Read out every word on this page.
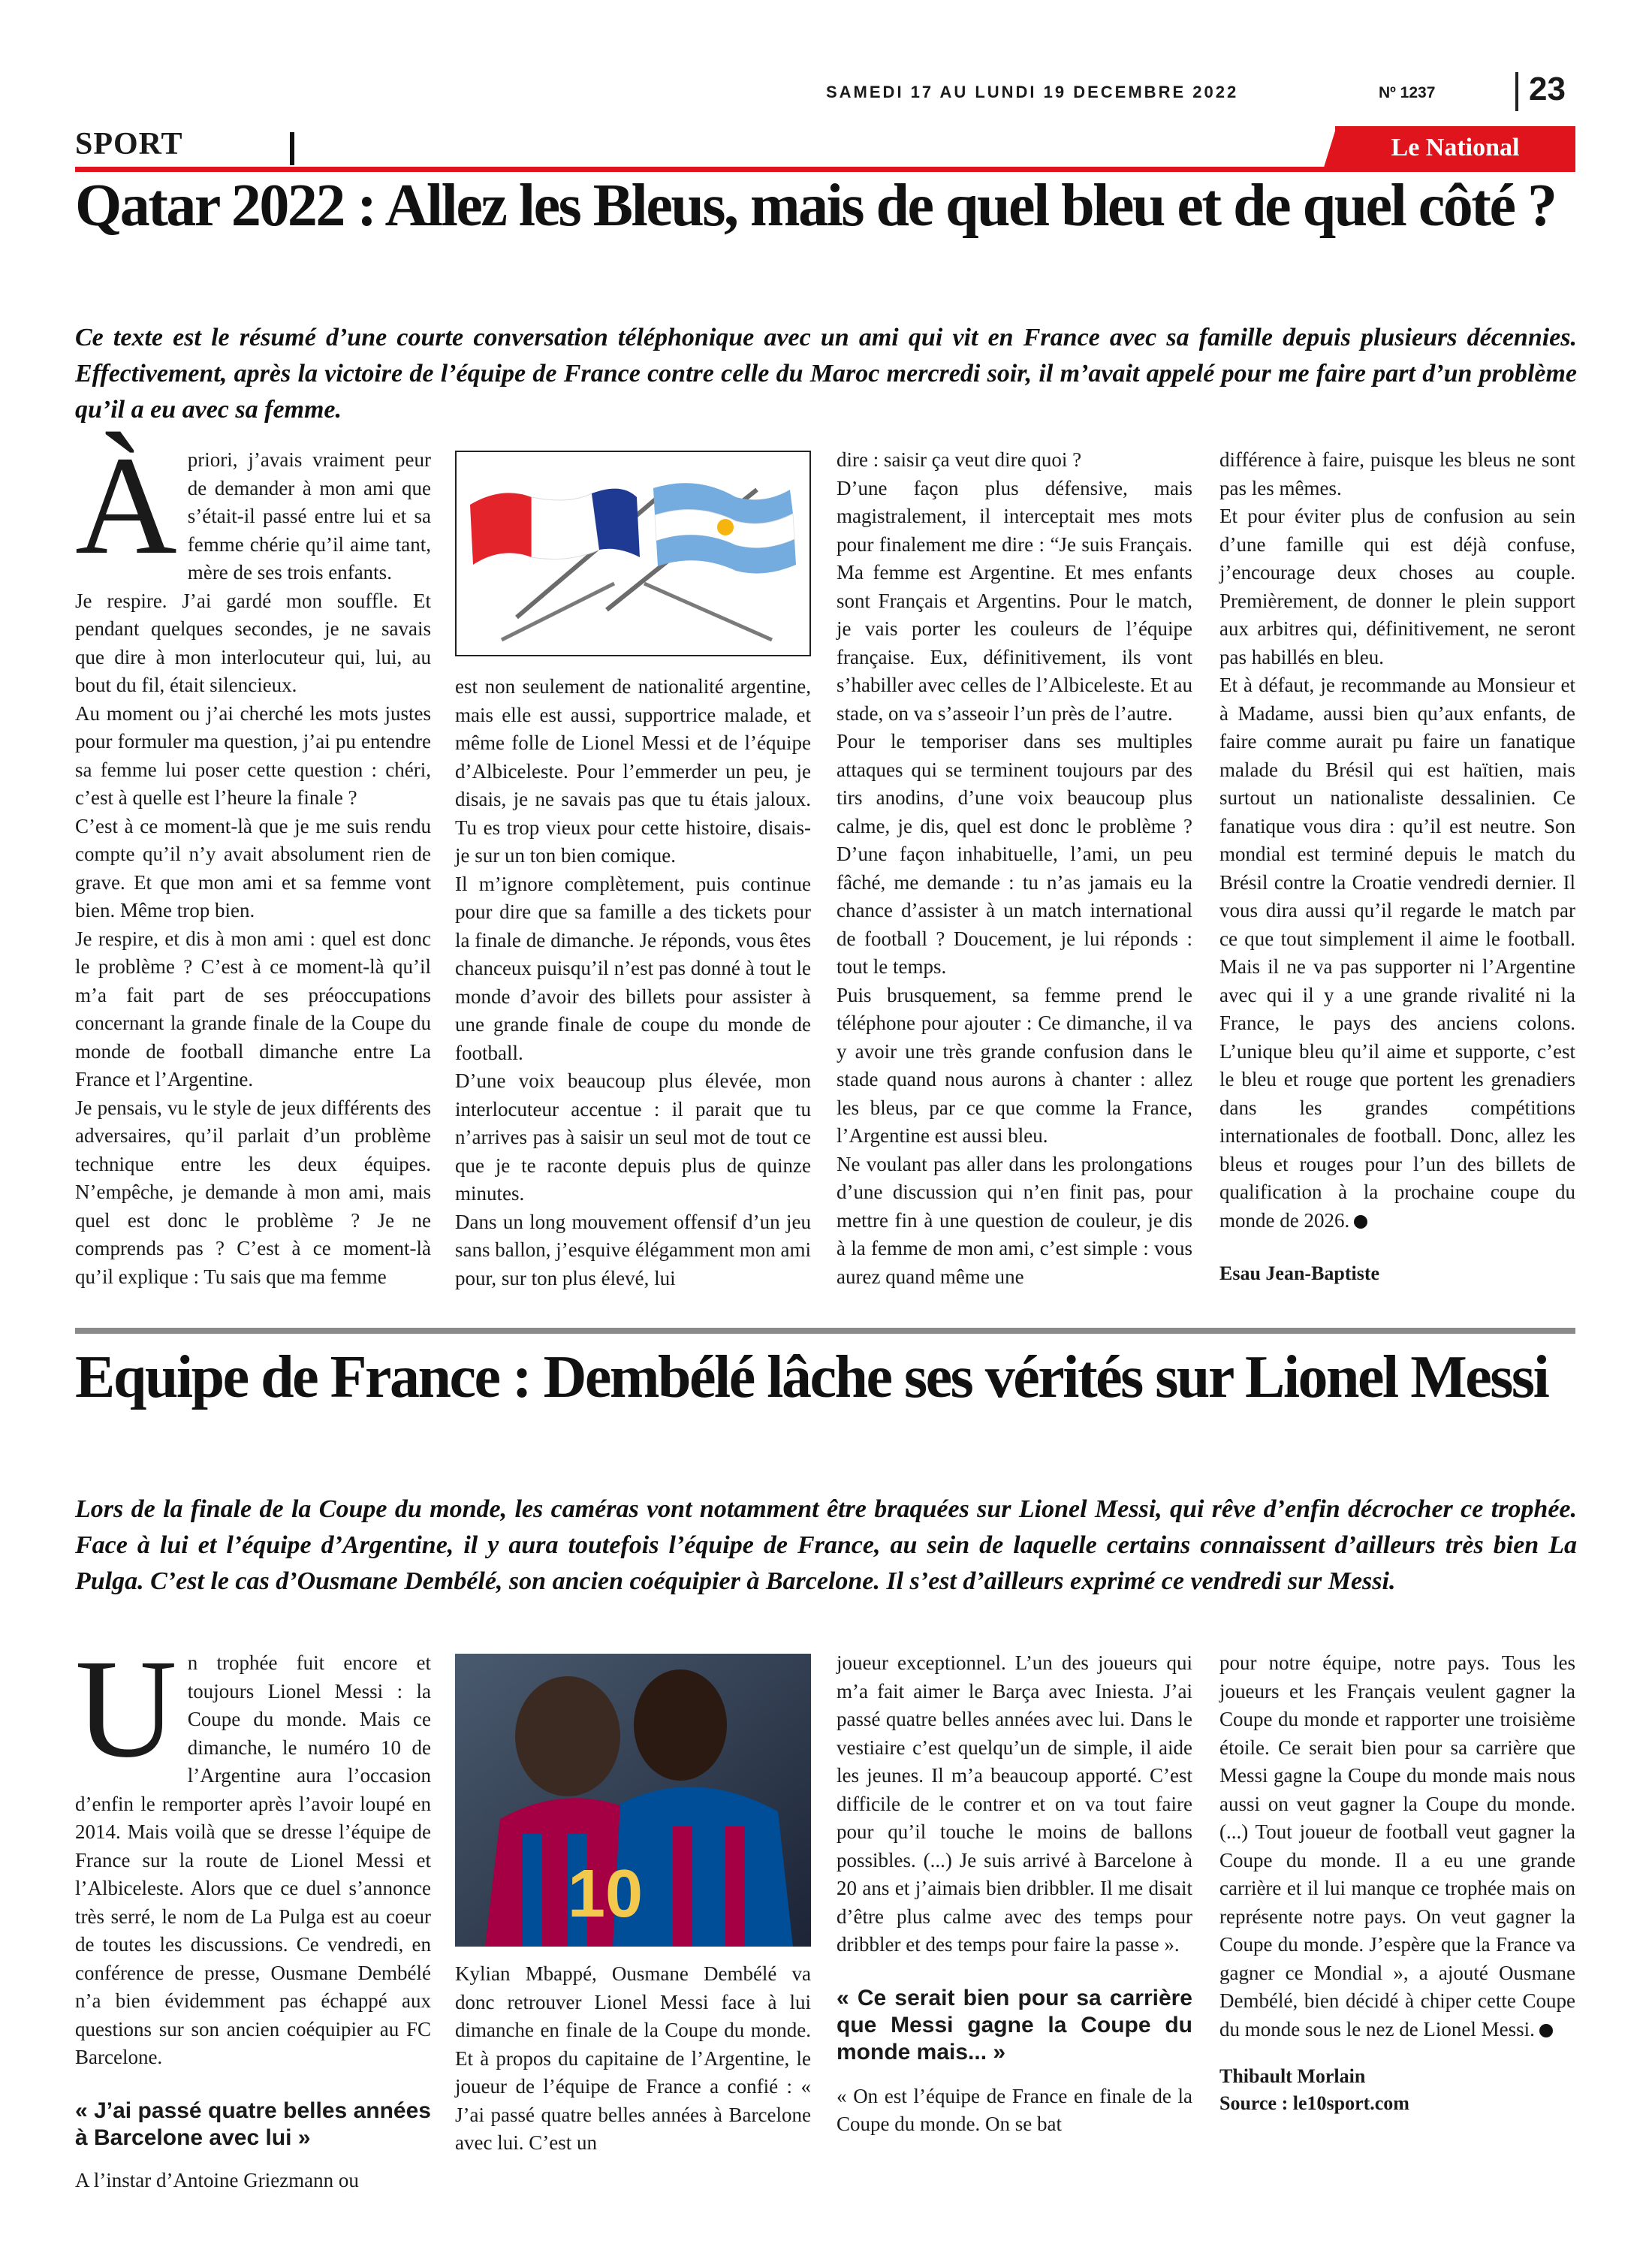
SAMEDI 17 AU LUNDI 19 DECEMBRE 2022	Nº 1237	23
SPORT	Le National
Qatar 2022 : Allez les Bleus, mais de quel bleu et de quel côté ?
Ce texte est le résumé d’une courte conversation téléphonique avec un ami qui vit en France avec sa famille depuis plusieurs décennies. Effectivement, après la victoire de l’équipe de France contre celle du Maroc mercredi soir, il m’avait appelé pour me faire part d’un problème qu’il a eu avec sa femme.
À priori, j’avais vraiment peur de demander à mon ami que s’était-il passé entre lui et sa femme chérie qu’il aime tant, mère de ses trois enfants.

Je respire. J’ai gardé mon souffle. Et pendant quelques secondes, je ne savais que dire à mon interlocuteur qui, lui, au bout du fil, était silencieux.

Au moment ou j’ai cherché les mots justes pour formuler ma question, j’ai pu entendre sa femme lui poser cette question : chéri, c’est à quelle est l’heure la finale ?

C’est à ce moment-là que je me suis rendu compte qu’il n’y avait absolument rien de grave. Et que mon ami et sa femme vont bien. Même trop bien.

Je respire, et dis à mon ami : quel est donc le problème ? C’est à ce moment-là qu’il m’a fait part de ses préoccupations concernant la grande finale de la Coupe du monde de football dimanche entre La France et l’Argentine.

Je pensais, vu le style de jeux différents des adversaires, qu’il parlait d’un problème technique entre les deux équipes. N’empêche, je demande à mon ami, mais quel est donc le problème ? Je ne comprends pas ? C’est à ce moment-là qu’il explique : Tu sais que ma femme

est non seulement de nationalité argentine, mais elle est aussi, supportrice malade, et même folle de Lionel Messi et de l’équipe d’Albiceleste. Pour l’emmerder un peu, je disais, je ne savais pas que tu étais jaloux. Tu es trop vieux pour cette histoire, disais-je sur un ton bien comique.

Il m’ignore complètement, puis continue pour dire que sa famille a des tickets pour la finale de dimanche. Je réponds, vous êtes chanceux puisqu’il n’est pas donné à tout le monde d’avoir des billets pour assister à une grande finale de coupe du monde de football.

D’une voix beaucoup plus élevée, mon interlocuteur accentue : il parait que tu n’arrives pas à saisir un seul mot de tout ce que je te raconte depuis plus de quinze minutes.

Dans un long mouvement offensif d’un jeu sans ballon, j’esquive élégamment mon ami pour, sur ton plus élevé, lui

dire : saisir ça veut dire quoi ?

D’une façon plus défensive, mais magistralement, il interceptait mes mots pour finalement me dire : “Je suis Français. Ma femme est Argentine. Et mes enfants sont Français et Argentins. Pour le match, je vais porter les couleurs de l’équipe française. Eux, définitivement, ils vont s’habiller avec celles de l’Albiceleste. Et au stade, on va s’asseoir l’un près de l’autre.

Pour le temporiser dans ses multiples attaques qui se terminent toujours par des tirs anodins, d’une voix beaucoup plus calme, je dis, quel est donc le problème ? D’une façon inhabituelle, l’ami, un peu fâché, me demande : tu n’as jamais eu la chance d’assister à un match international de football ? Doucement, je lui réponds : tout le temps.

Puis brusquement, sa femme prend le téléphone pour ajouter : Ce dimanche, il va y avoir une très grande confusion dans le stade quand nous aurons à chanter : allez les bleus, par ce que comme la France, l’Argentine est aussi bleu.

Ne voulant pas aller dans les prolongations d’une discussion qui n’en finit pas, pour mettre fin à une question de couleur, je dis à la femme de mon ami, c’est simple : vous aurez quand même une

différence à faire, puisque les bleus ne sont pas les mêmes.

Et pour éviter plus de confusion au sein d’une famille qui est déjà confuse, j’encourage deux choses au couple. Premièrement, de donner le plein support aux arbitres qui, définitivement, ne seront pas habillés en bleu.

Et à défaut, je recommande au Monsieur et à Madame, aussi bien qu’aux enfants, de faire comme aurait pu faire un fanatique malade du Brésil qui est haïtien, mais surtout un nationaliste dessalinien. Ce fanatique vous dira : qu’il est neutre. Son mondial est terminé depuis le match du Brésil contre la Croatie vendredi dernier. Il vous dira aussi qu’il regarde le match par ce que tout simplement il aime le football. Mais il ne va pas supporter ni l’Argentine avec qui il y a une grande rivalité ni la France, le pays des anciens colons. L’unique bleu qu’il aime et supporte, c’est le bleu et rouge que portent les grenadiers dans les grandes compétitions internationales de football. Donc, allez les bleus et rouges pour l’un des billets de qualification à la prochaine coupe du monde de 2026.

Esau Jean-Baptiste
Equipe de France : Dembélé lâche ses vérités sur Lionel Messi
Lors de la finale de la Coupe du monde, les caméras vont notamment être braquées sur Lionel Messi, qui rêve d’enfin décrocher ce trophée. Face à lui et l’équipe d’Argentine, il y aura toutefois l’équipe de France, au sein de laquelle certains connaissent d’ailleurs très bien La Pulga. C’est le cas d’Ousmane Dembélé, son ancien coéquipier à Barcelone. Il s’est d’ailleurs exprimé ce vendredi sur Messi.
U n trophée fuit encore et toujours Lionel Messi : la Coupe du monde. Mais ce dimanche, le numéro 10 de l’Argentine aura l’occasion d’enfin le remporter après l’avoir loupé en 2014. Mais voilà que se dresse l’équipe de France sur la route de Lionel Messi et l’Albiceleste. Alors que ce duel s’annonce très serré, le nom de La Pulga est au coeur de toutes les discussions. Ce vendredi, en conférence de presse, Ousmane Dembélé n’a bien évidemment pas échappé aux questions sur son ancien coéquipier au FC Barcelone.

« J’ai passé quatre belles années à Barcelone avec lui »

A l’instar d’Antoine Griezmann ou

10

Kylian Mbappé, Ousmane Dembélé va donc retrouver Lionel Messi face à lui dimanche en finale de la Coupe du monde. Et à propos du capitaine de l’Argentine, le joueur de l’équipe de France a confié : « J’ai passé quatre belles années à Barcelone avec lui. C’est un

joueur exceptionnel. L’un des joueurs qui m’a fait aimer le Barça avec Iniesta. J’ai passé quatre belles années avec lui. Dans le vestiaire c’est quelqu’un de simple, il aide les jeunes. Il m’a beaucoup apporté. C’est difficile de le contrer et on va tout faire pour qu’il touche le moins de ballons possibles. (...) Je suis arrivé à Barcelone à 20 ans et j’aimais bien dribbler. Il me disait d’être plus calme avec des temps pour dribbler et des temps pour faire la passe ».

« Ce serait bien pour sa carrière que Messi gagne la Coupe du monde mais... »

« On est l’équipe de France en finale de la Coupe du monde. On se bat

pour notre équipe, notre pays. Tous les joueurs et les Français veulent gagner la Coupe du monde et rapporter une troisième étoile. Ce serait bien pour sa carrière que Messi gagne la Coupe du monde mais nous aussi on veut gagner la Coupe du monde. (...) Tout joueur de football veut gagner la Coupe du monde. Il a eu une grande carrière et il lui manque ce trophée mais on représente notre pays. On veut gagner la Coupe du monde. J’espère que la France va gagner ce Mondial », a ajouté Ousmane Dembélé, bien décidé à chiper cette Coupe du monde sous le nez de Lionel Messi.

Thibault Morlain
Source : le10sport.com
